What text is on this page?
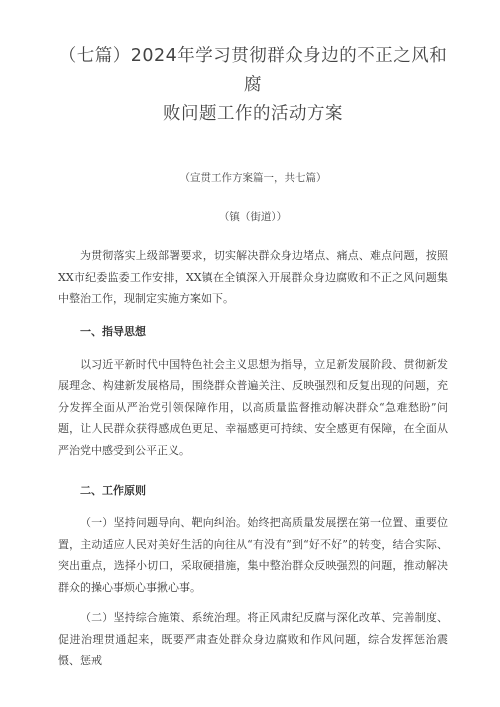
（七篇）2024年学习贯彻群众身边的不正之风和腐
败问题工作的活动方案

（宣贯工作方案篇一，共七篇）

（镇（街道））

为贯彻落实上级部署要求，切实解决群众身边堵点、痛点、难点问题，按照XX市纪委监委工作安排，XX镇在全镇深入开展群众身边腐败和不正之风问题集中整治工作，现制定实施方案如下。

一、指导思想

以习近平新时代中国特色社会主义思想为指导，立足新发展阶段、贯彻新发展理念、构建新发展格局，围绕群众普遍关注、反映强烈和反复出现的问题，充分发挥全面从严治党引领保障作用，以高质量监督推动解决群众“急难愁盼”问题，让人民群众获得感成色更足、幸福感更可持续、安全感更有保障，在全面从严治党中感受到公平正义。

二、工作原则

（一）坚持问题导向、靶向纠治。始终把高质量发展摆在第一位置、重要位置，主动适应人民对美好生活的向往从“有没有”到“好不好”的转变，结合实际、突出重点，选择小切口，采取硬措施，集中整治群众反映强烈的问题，推动解决群众的操心事烦心事揪心事。

（二）坚持综合施策、系统治理。将正风肃纪反腐与深化改革、完善制度、促进治理贯通起来，既要严肃查处群众身边腐败和作风问题，综合发挥惩治震慑、惩戒
